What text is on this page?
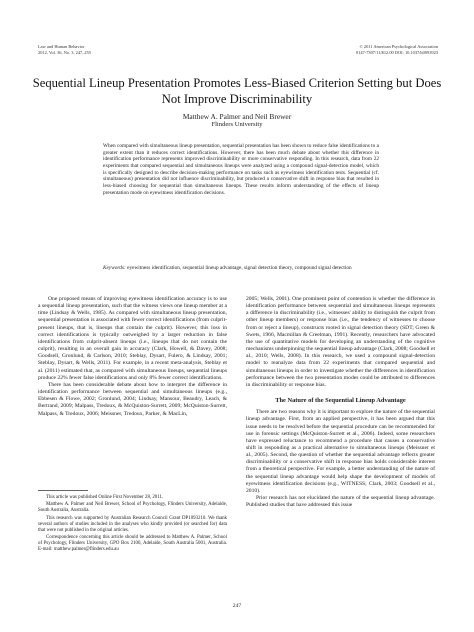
Law and Human Behavior
2012, Vol. 36, No. 3, 247–255
© 2011 American Psychological Association
0147-7307/11/$12.00 DOI: 10.1037/h0093923
Sequential Lineup Presentation Promotes Less-Biased Criterion Setting but Does Not Improve Discriminability
Matthew A. Palmer and Neil Brewer
Flinders University
When compared with simultaneous lineup presentation, sequential presentation has been shown to reduce false identifications to a greater extent than it reduces correct identifications. However, there has been much debate about whether this difference in identification performance represents improved discriminability or more conservative responding. In this research, data from 22 experiments that compared sequential and simultaneous lineups were analyzed using a compound signal-detection model, which is specifically designed to describe decision-making performance on tasks such as eyewitness identification tests. Sequential (cf. simultaneous) presentation did not influence discriminability, but produced a conservative shift in response bias that resulted in less-biased choosing for sequential than simultaneous lineups. These results inform understanding of the effects of lineup presentation mode on eyewitness identification decisions.
Keywords: eyewitness identification, sequential lineup advantage, signal detection theory, compound signal detection

One proposed means of improving eyewitness identification accuracy is to use a sequential lineup presentation, such that the witness views one lineup member at a time (Lindsay & Wells, 1985). As compared with simultaneous lineup presentation, sequential presentation is associated with fewer correct identifications (from culprit-present lineups, that is, lineups that contain the culprit). However, this loss in correct identifications is typically outweighed by a larger reduction in false identifications from culprit-absent lineups (i.e., lineups that do not contain the culprit), resulting in an overall gain in accuracy (Clark, Howell, & Davey, 2008; Goodsell, Gronlund, & Carlson, 2010; Steblay, Dysart, Fulero, & Lindsay, 2001; Steblay, Dysart, & Wells, 2011). For example, in a recent meta-analysis, Steblay et al. (2011) estimated that, as compared with simultaneous lineups, sequential lineups produce 22% fewer false identifications and only 8% fewer correct identifications.

There has been considerable debate about how to interpret the difference in identification performance between sequential and simultaneous lineups (e.g., Ebbesen & Flowe, 2002; Gronlund, 2004; Lindsay, Mansour, Beaudry, Leach, & Bertrand, 2009; Malpass, Tredoux, & McQuiston-Surrett, 2009; McQuiston-Surrett, Malpass, & Tredoux, 2006; Meissner, Tredoux, Parker, & MacLin,

2005; Wells, 2001). One prominent point of contention is whether the difference in identification performance between sequential and simultaneous lineups represents a difference in discriminability (i.e., witnesses' ability to distinguish the culprit from other lineup members) or response bias (i.e., the tendency of witnesses to choose from or reject a lineup), constructs rooted in signal detection theory (SDT; Green & Swets, 1966, Macmillan & Creelman, 1991). Recently, researchers have advocated the use of quantitative models for developing an understanding of the cognitive mechanisms underpinning the sequential lineup advantage (Clark, 2008; Goodsell et al., 2010; Wells, 2008). In this research, we used a compound signal-detection model to reanalyze data from 22 experiments that compared sequential and simultaneous lineups in order to investigate whether the differences in identification performance between the two presentation modes could be attributed to differences in discriminability or response bias.

The Nature of the Sequential Lineup Advantage

There are two reasons why it is important to explore the nature of the sequential lineup advantage. First, from an applied perspective, it has been argued that this issue needs to be resolved before the sequential procedure can be recommended for use in forensic settings (McQuiston-Surrett et al., 2006). Indeed, some researchers have expressed reluctance to recommend a procedure that causes a conservative shift in responding as a practical alternative to simultaneous lineups (Meissner et al., 2005). Second, the question of whether the sequential advantage reflects greater discriminability or a conservative shift in response bias holds considerable interest from a theoretical perspective. For example, a better understanding of the nature of the sequential lineup advantage would help shape the development of models of eyewitness identification decisions (e.g., WITNESS; Clark, 2003; Goodsell et al., 2010).

Prior research has not elucidated the nature of the sequential lineup advantage. Published studies that have addressed this issue

This article was published Online First November 28, 2011.

Matthew A. Palmer and Neil Brewer, School of Psychology, Flinders University, Adelaide, South Australia, Australia.

This research was supported by Australian Research Council Grant DP1093210. We thank several authors of studies included in the analyses who kindly provided (or searched for) data that were not published in the original articles.

Correspondence concerning this article should be addressed to Matthew A. Palmer, School of Psychology, Flinders University, GPO Box 2100, Adelaide, South Australia 5001, Australia. E-mail: matthew.palmer@flinders.edu.au

247
